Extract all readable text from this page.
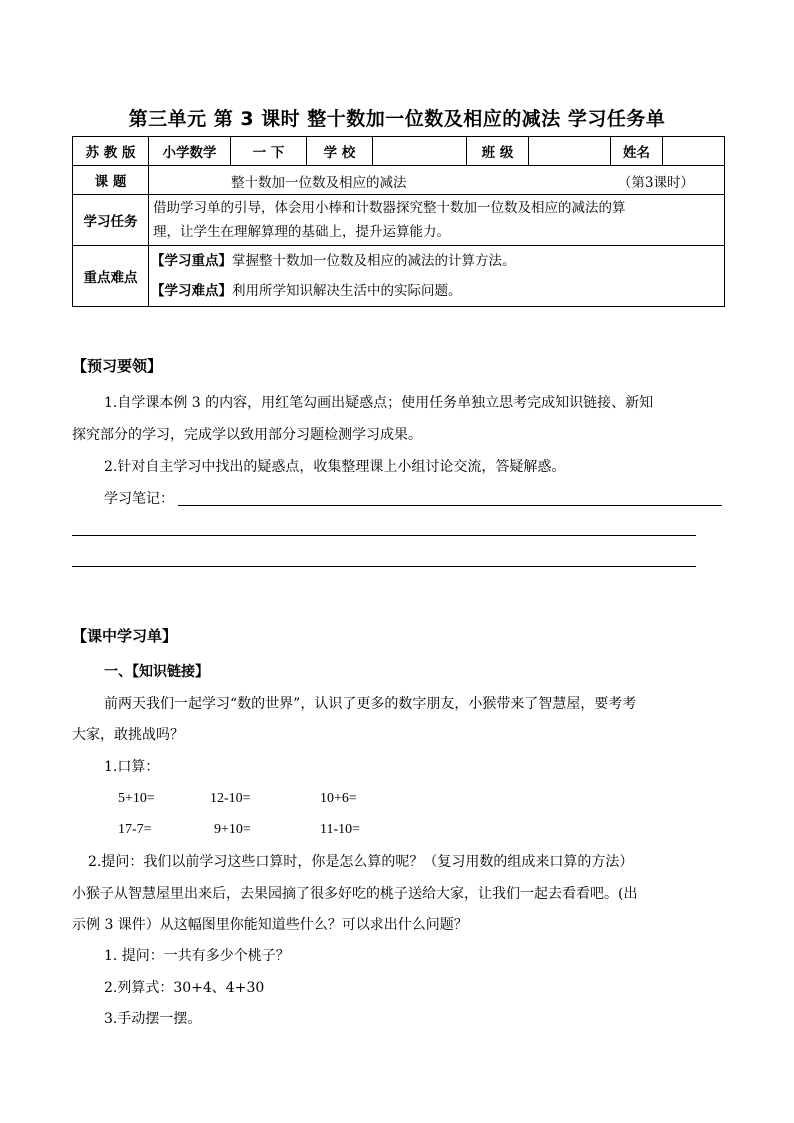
第三单元 第 3 课时 整十数加一位数及相应的减法 学习任务单
苏 教 版	小学数学	一 下	学 校		班 级		姓名	
课 题	整十数加一位数及相应的减法 （第3课时）							

学习任务	借助学习单的引导，体会用小棒和计数器探究整十数加一位数及相应的减法的算
理，让学生在理解算理的基础上，提升运算能力。							

重点难点	【学习重点】掌握整十数加一位数及相应的减法的计算方法。
【学习难点】利用所学知识解决生活中的实际问题。							
【预习要领】
1.自学课本例 3 的内容，用红笔勾画出疑惑点；使用任务单独立思考完成知识链接、新知
探究部分的学习，完成学以致用部分习题检测学习成果。
2.针对自主学习中找出的疑惑点，收集整理课上小组讨论交流，答疑解惑。
学习笔记：
【课中学习单】
一、【知识链接】
前两天我们一起学习“数的世界”，认识了更多的数字朋友，小猴带来了智慧屋，要考考
大家，敢挑战吗？
1.口算：
5+10=	12-10=	10+6=
17-7=	9+10=	11-10=
2.提问：我们以前学习这些口算时，你是怎么算的呢？（复习用数的组成来口算的方法）
小猴子从智慧屋里出来后，去果园摘了很多好吃的桃子送给大家，让我们一起去看看吧。(出
示例 3 课件）从这幅图里你能知道些什么？可以求出什么问题？
1. 提问：一共有多少个桃子？
2.列算式：30+4、4+30
3.手动摆一摆。
